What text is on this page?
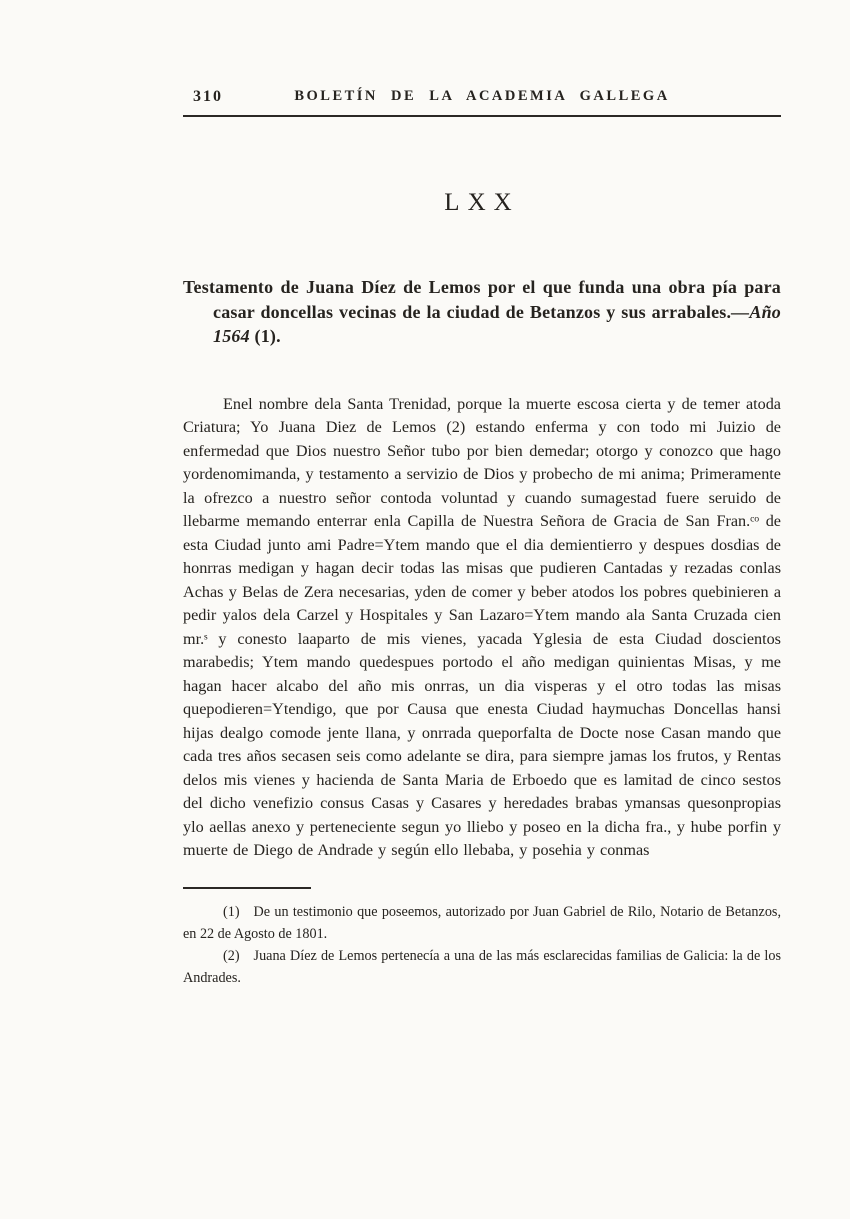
310	BOLETÍN DE LA ACADEMIA GALLEGA
LXX
Testamento de Juana Díez de Lemos por el que funda una obra pía para casar doncellas vecinas de la ciudad de Betanzos y sus arrabales.—Año 1564 (1).

Enel nombre dela Santa Trenidad, porque la muerte escosa cierta y de temer atoda Criatura; Yo Juana Diez de Lemos (2) estando enferma y con todo mi Juizio de enfermedad que Dios nuestro Señor tubo por bien demedar; otorgo y conozco que hago yordenomimanda, y testamento a servizio de Dios y probecho de mi anima; Primeramente la ofrezco a nuestro señor contoda voluntad y cuando sumagestad fuere seruido de llebarme memando enterrar enla Capilla de Nuestra Señora de Gracia de San Fran.ᶜᵒ de esta Ciudad junto ami Padre=Ytem mando que el dia demientierro y despues dosdias de honrras medigan y hagan decir todas las misas que pudieren Cantadas y rezadas conlas Achas y Belas de Zera necesarias, yden de comer y beber atodos los pobres quebinieren a pedir yalos dela Carzel y Hospitales y San Lazaro=Ytem mando ala Santa Cruzada cien mr.ˢ y conesto laaparto de mis vienes, yacada Yglesia de esta Ciudad doscientos marabedis; Ytem mando quedespues portodo el año medigan quinientas Misas, y me hagan hacer alcabo del año mis onrras, un dia visperas y el otro todas las misas quepodieren=Ytendigo, que por Causa que enesta Ciudad haymuchas Doncellas hansi hijas dealgo comode jente llana, y onrrada queporfalta de Docte nose Casan mando que cada tres años secasen seis como adelante se dira, para siempre jamas los frutos, y Rentas delos mis vienes y hacienda de Santa Maria de Erboedo que es lamitad de cinco sestos del dicho venefizio consus Casas y Casares y heredades brabas ymansas quesonpropias ylo aellas anexo y perteneciente segun yo lliebo y poseo en la dicha fra., y hube porfin y muerte de Diego de Andrade y según ello llebaba, y posehia y conmas

(1) De un testimonio que poseemos, autorizado por Juan Gabriel de Rilo, Notario de Betanzos, en 22 de Agosto de 1801.

(2) Juana Díez de Lemos pertenecía a una de las más esclarecidas familias de Galicia: la de los Andrades.
